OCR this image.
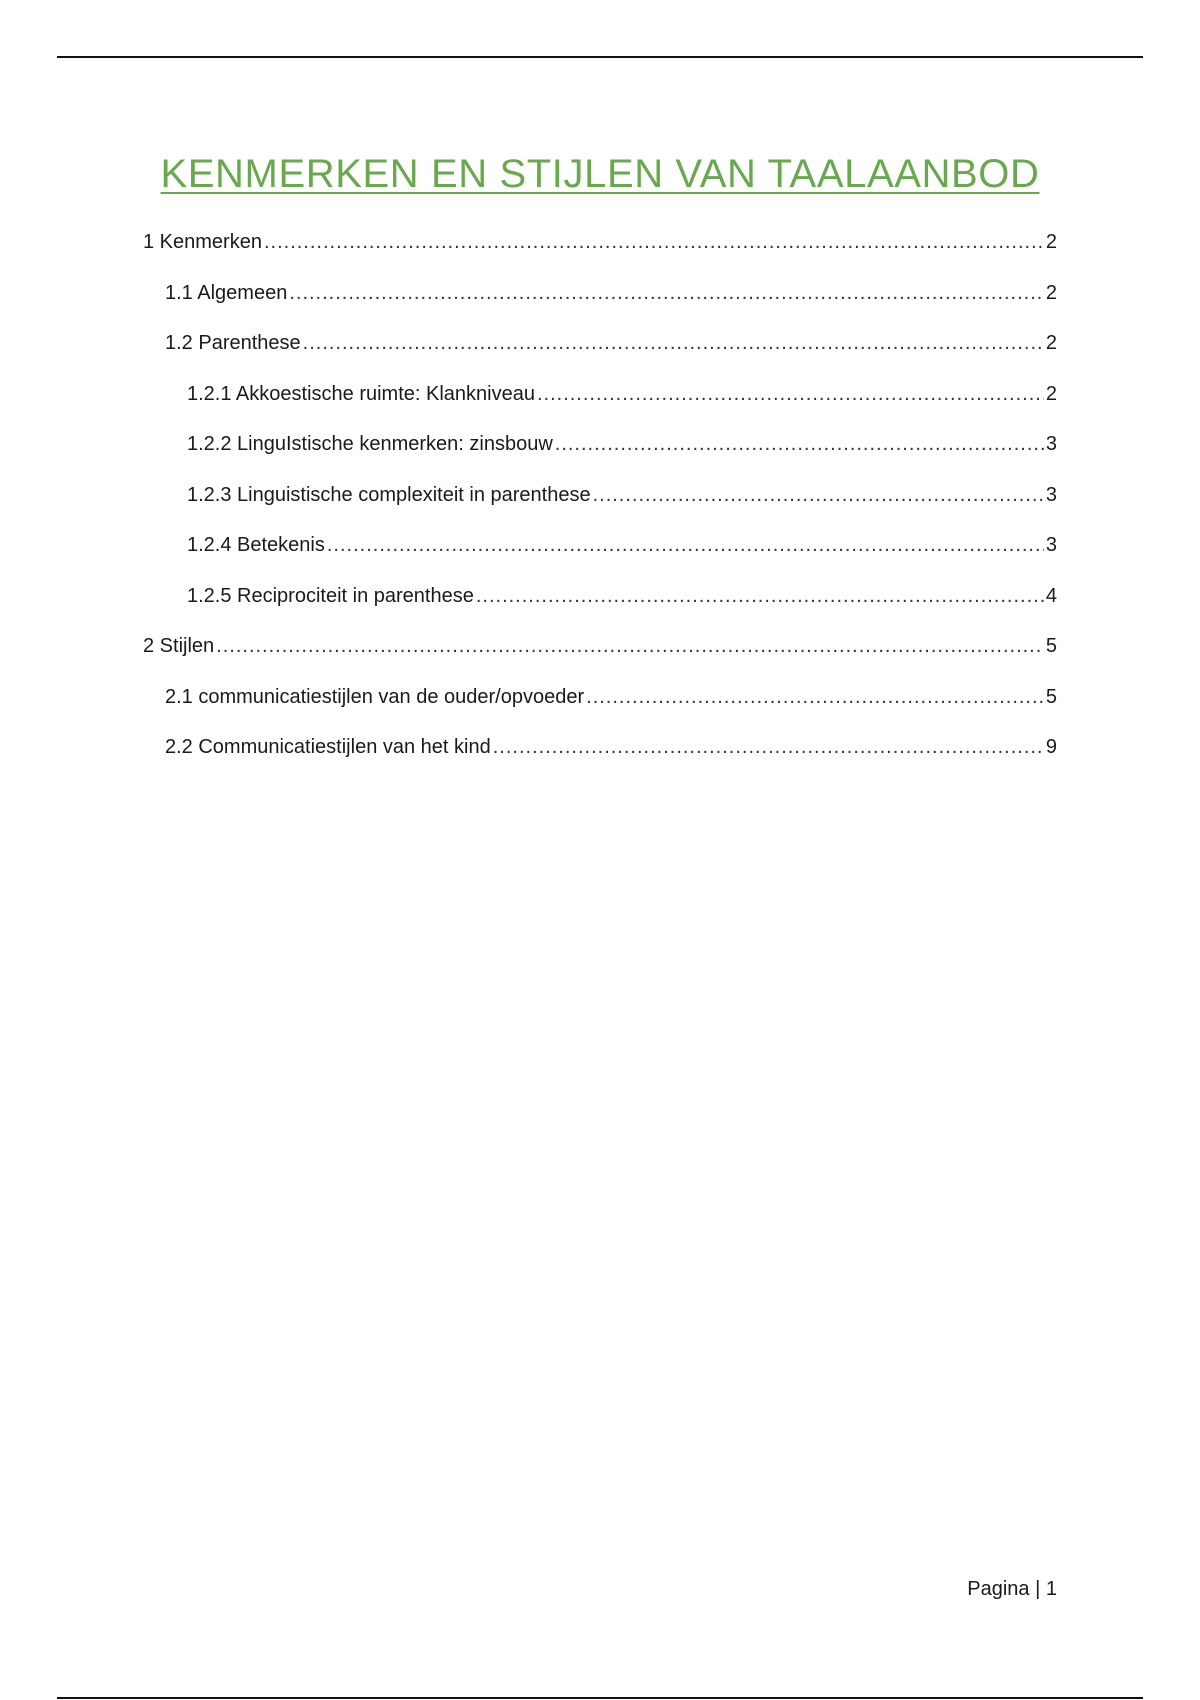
KENMERKEN EN STIJLEN VAN TAALAANBOD
1 Kenmerken .....	2
1.1 Algemeen .....	2
1.2 Parenthese .....	2
1.2.1 Akkoestische ruimte: Klankniveau .....	2
1.2.2 LinguIstische kenmerken: zinsbouw .....	3
1.2.3 Linguistische complexiteit in parenthese .....	3
1.2.4 Betekenis .....	3
1.2.5 Reciprociteit in parenthese .....	4
2 Stijlen .....	5
2.1 communicatiestijlen van de ouder/opvoeder .....	5
2.2 Communicatiestijlen van het kind .....	9
Pagina | 1
